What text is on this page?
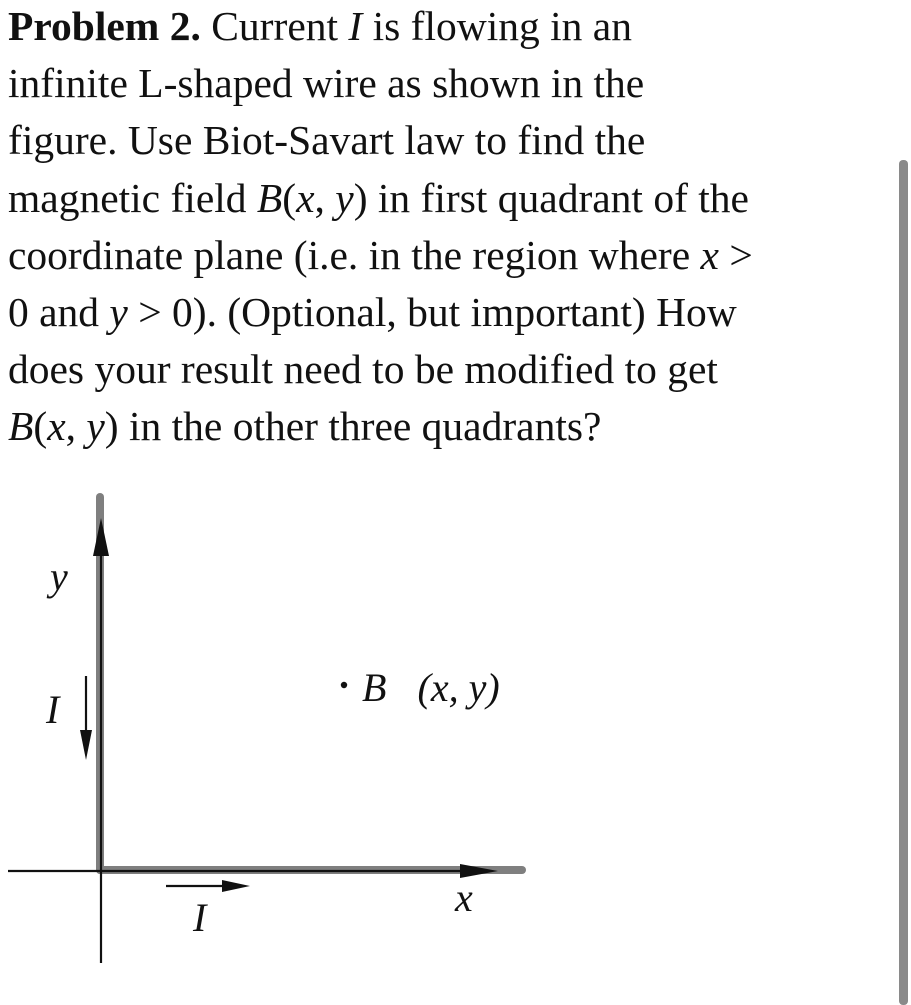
Problem 2. Current I is flowing in an
infinite L-shaped wire as shown in the
figure. Use Biot-Savart law to find the
magnetic field B(x, y) in first quadrant of the
coordinate plane (i.e. in the region where x >
0 and y > 0). (Optional, but important) How
does your result need to be modified to get
B(x, y) in the other three quadrants?
y
x
I
I
B⃗(x, y)
